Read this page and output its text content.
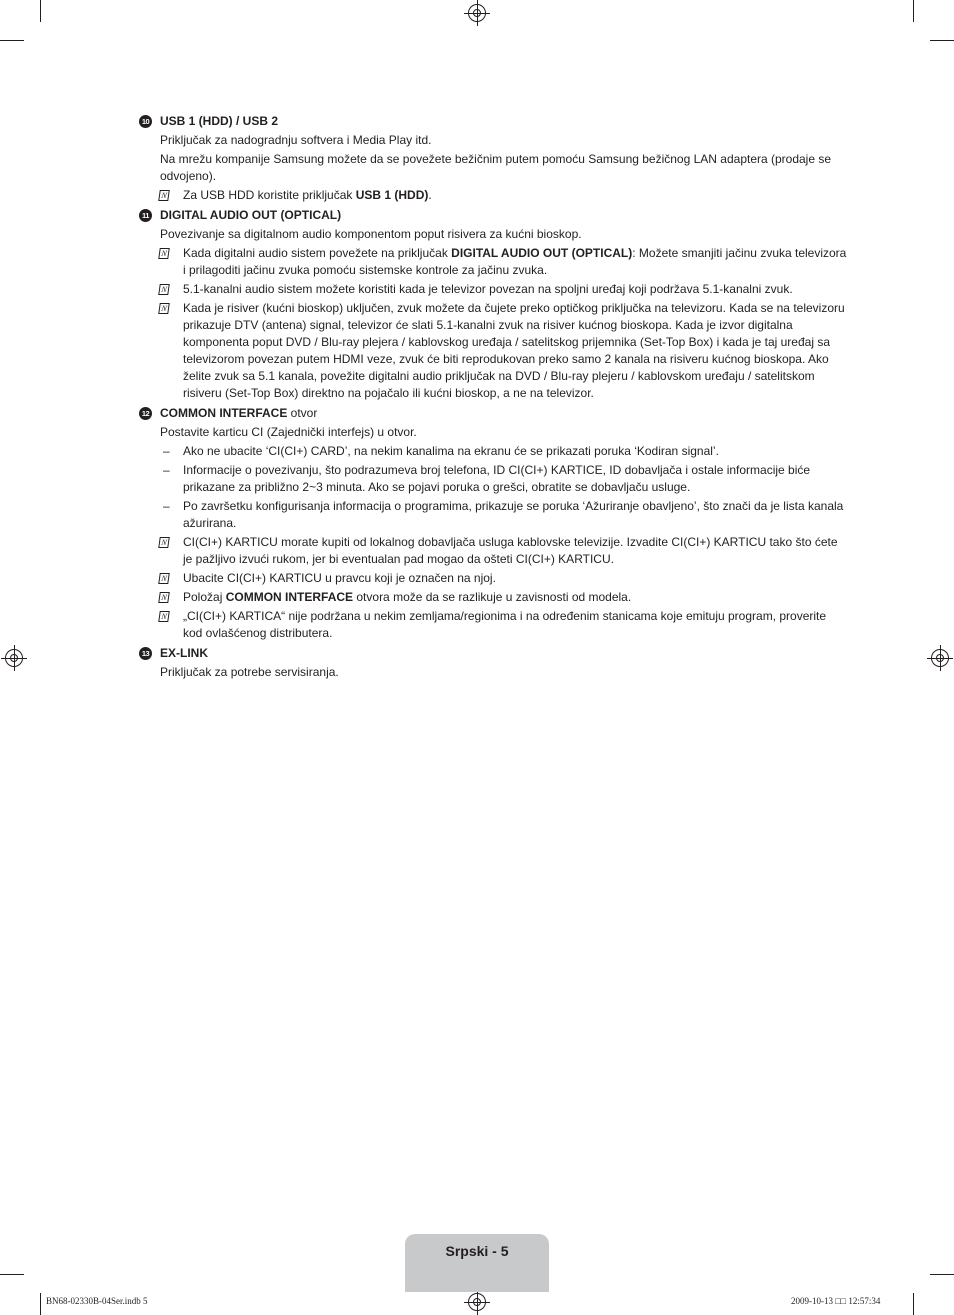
10 USB 1 (HDD) / USB 2
Priključak za nadogradnju softvera i Media Play itd.
Na mrežu kompanije Samsung možete da se povežete bežičnim putem pomoću Samsung bežičnog LAN adaptera (prodaje se odvojeno).
N Za USB HDD koristite priključak USB 1 (HDD).
11 DIGITAL AUDIO OUT (OPTICAL)
Povezivanje sa digitalnom audio komponentom poput risivera za kućni bioskop.
N Kada digitalni audio sistem povežete na priključak DIGITAL AUDIO OUT (OPTICAL): Možete smanjiti jačinu zvuka televizora i prilagoditi jačinu zvuka pomoću sistemske kontrole za jačinu zvuka.
N 5.1-kanalni audio sistem možete koristiti kada je televizor povezan na spoljni uređaj koji podržava 5.1-kanalni zvuk.
N Kada je risiver (kućni bioskop) uključen, zvuk možete da čujete preko optičkog priključka na televizoru. Kada se na televizoru prikazuje DTV (antena) signal, televizor će slati 5.1-kanalni zvuk na risiver kućnog bioskopa. Kada je izvor digitalna komponenta poput DVD / Blu-ray plejera / kablovskog uređaja / satelitskog prijemnika (Set-Top Box) i kada je taj uređaj sa televizorom povezan putem HDMI veze, zvuk će biti reprodukovan preko samo 2 kanala na risiveru kućnog bioskopa. Ako želite zvuk sa 5.1 kanala, povežite digitalni audio priključak na DVD / Blu-ray plejeru / kablovskom uređaju / satelitskom risiveru (Set-Top Box) direktno na pojačalo ili kućni bioskop, a ne na televizor.
12 COMMON INTERFACE otvor
Postavite karticu CI (Zajednički interfejs) u otvor.
– Ako ne ubacite ‘CI(CI+) CARD’, na nekim kanalima na ekranu će se prikazati poruka ‘Kodiran signal’.
– Informacije o povezivanju, što podrazumeva broj telefona, ID CI(CI+) KARTICE, ID dobavljača i ostale informacije biće prikazane za približno 2~3 minuta. Ako se pojavi poruka o grešci, obratite se dobavljaču usluge.
– Po završetku konfigurisanja informacija o programima, prikazuje se poruka ‘Ažuriranje obavljeno’, što znači da je lista kanala ažurirana.
N CI(CI+) KARTICU morate kupiti od lokalnog dobavljača usluga kablovske televizije. Izvadite CI(CI+) KARTICU tako što ćete je pažljivo izvući rukom, jer bi eventualan pad mogao da ošteti CI(CI+) KARTICU.
N Ubacite CI(CI+) KARTICU u pravcu koji je označen na njoj.
N Položaj COMMON INTERFACE otvora može da se razlikuje u zavisnosti od modela.
N „CI(CI+) KARTICA“ nije podržana u nekim zemljama/regionima i na određenim stanicama koje emituju program, proverite kod ovlašćenog distributera.
13 EX-LINK
Priključak za potrebe servisiranja.
Srpski - 5
BN68-02330B-04Ser.indb 5	2009-10-13 □□ 12:57:34
